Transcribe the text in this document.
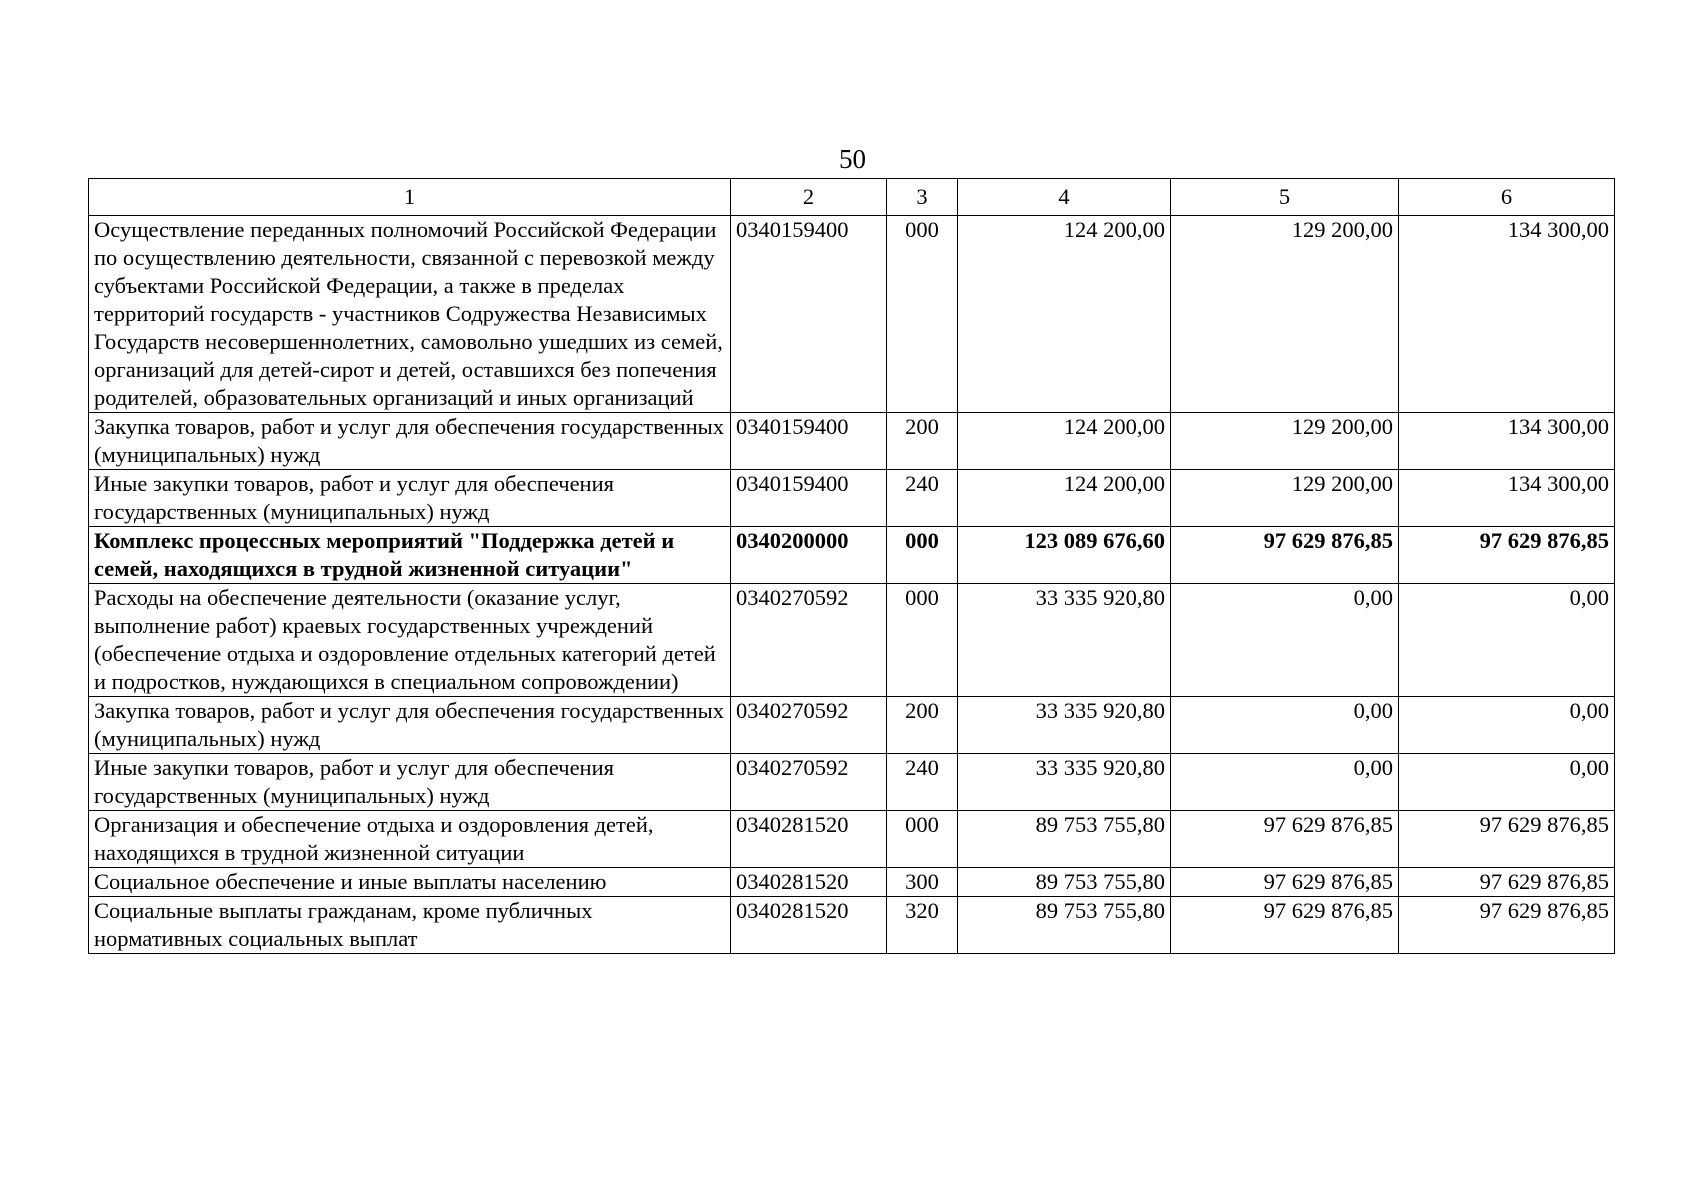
50
1	2	3	4	5	6
Осуществление переданных полномочий Российской Федерации по осуществлению деятельности, связанной с перевозкой между субъектами Российской Федерации, а также в пределах территорий государств - участников Содружества Независимых Государств несовершеннолетних, самовольно ушедших из семей, организаций для детей-сирот и детей, оставшихся без попечения родителей, образовательных организаций и иных организаций	0340159400	000	124 200,00	129 200,00	134 300,00
Закупка товаров, работ и услуг для обеспечения государственных (муниципальных) нужд	0340159400	200	124 200,00	129 200,00	134 300,00
Иные закупки товаров, работ и услуг для обеспечения государственных (муниципальных) нужд	0340159400	240	124 200,00	129 200,00	134 300,00
Комплекс процессных мероприятий "Поддержка детей и семей, находящихся в трудной жизненной ситуации"	0340200000	000	123 089 676,60	97 629 876,85	97 629 876,85
Расходы на обеспечение деятельности (оказание услуг, выполнение работ) краевых государственных учреждений (обеспечение отдыха и оздоровление отдельных категорий детей и подростков, нуждающихся в специальном сопровождении)	0340270592	000	33 335 920,80	0,00	0,00
Закупка товаров, работ и услуг для обеспечения государственных (муниципальных) нужд	0340270592	200	33 335 920,80	0,00	0,00
Иные закупки товаров, работ и услуг для обеспечения государственных (муниципальных) нужд	0340270592	240	33 335 920,80	0,00	0,00
Организация и обеспечение отдыха и оздоровления детей, находящихся в трудной жизненной ситуации	0340281520	000	89 753 755,80	97 629 876,85	97 629 876,85
Социальное обеспечение и иные выплаты населению	0340281520	300	89 753 755,80	97 629 876,85	97 629 876,85
Социальные выплаты гражданам, кроме публичных нормативных социальных выплат	0340281520	320	89 753 755,80	97 629 876,85	97 629 876,85
